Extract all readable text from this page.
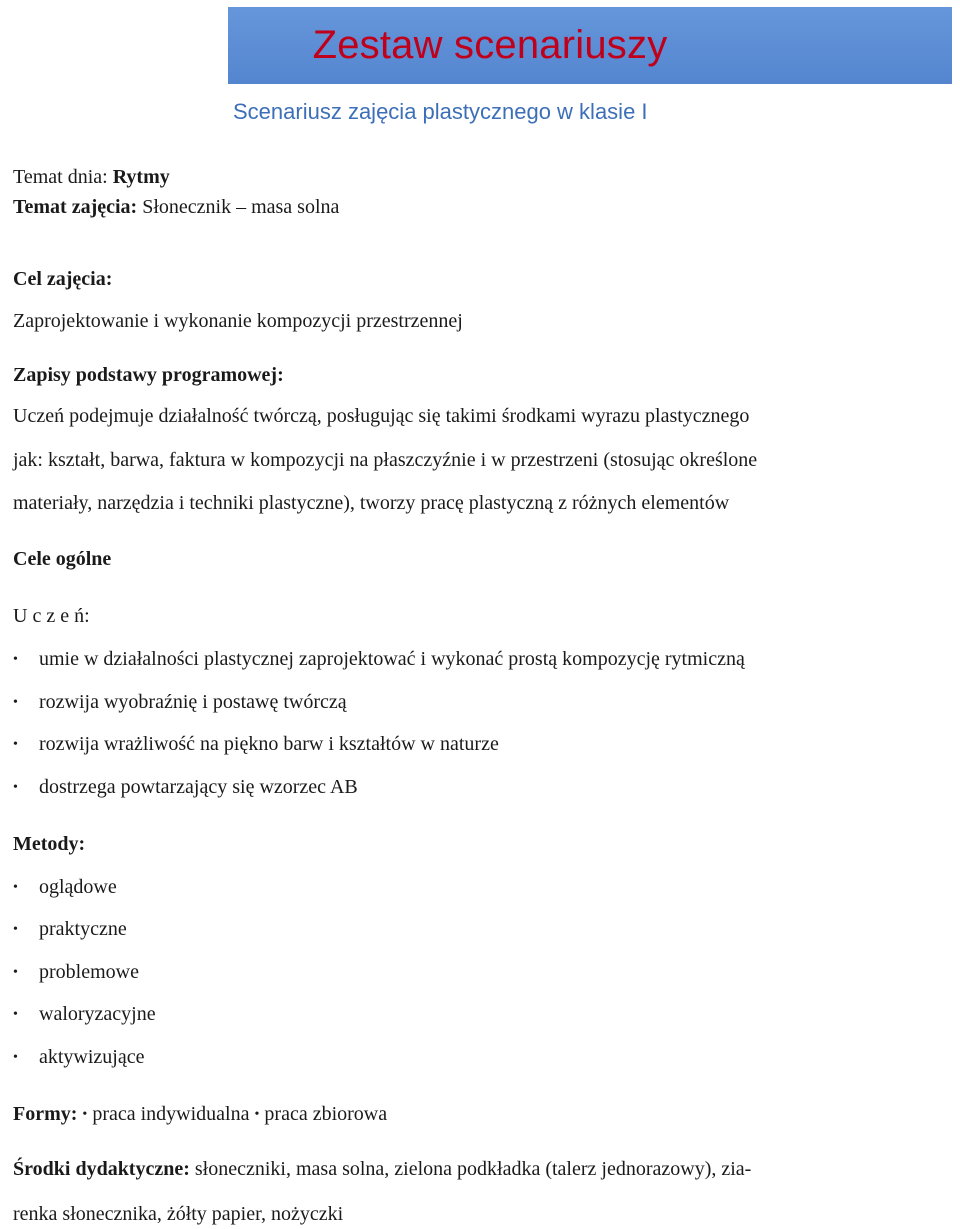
Zestaw scenariuszy
Scenariusz zajęcia plastycznego w klasie I

Temat dnia: Rytmy

Temat zajęcia: Słonecznik – masa solna

Cel zajęcia:

Zaprojektowanie i wykonanie kompozycji przestrzennej

Zapisy podstawy programowej:

Uczeń podejmuje działalność twórczą, posługując się takimi środkami wyrazu plastycznego

jak: kształt, barwa, faktura w kompozycji na płaszczyźnie i w przestrzeni (stosując określone

materiały, narzędzia i techniki plastyczne), tworzy pracę plastyczną z różnych elementów

Cele ogólne

U c z e ń:

• umie w działalności plastycznej zaprojektować i wykonać prostą kompozycję rytmiczną
• rozwija wyobraźnię i postawę twórczą
• rozwija wrażliwość na piękno barw i kształtów w naturze
• dostrzega powtarzający się wzorzec AB

Metody:

• oglądowe
• praktyczne
• problemowe
• waloryzacyjne
• aktywizujące

Formy: • praca indywidualna • praca zbiorowa

Środki dydaktyczne: słoneczniki, masa solna, zielona podkładka (talerz jednorazowy), zia-

renka słonecznika, żółty papier, nożyczki
